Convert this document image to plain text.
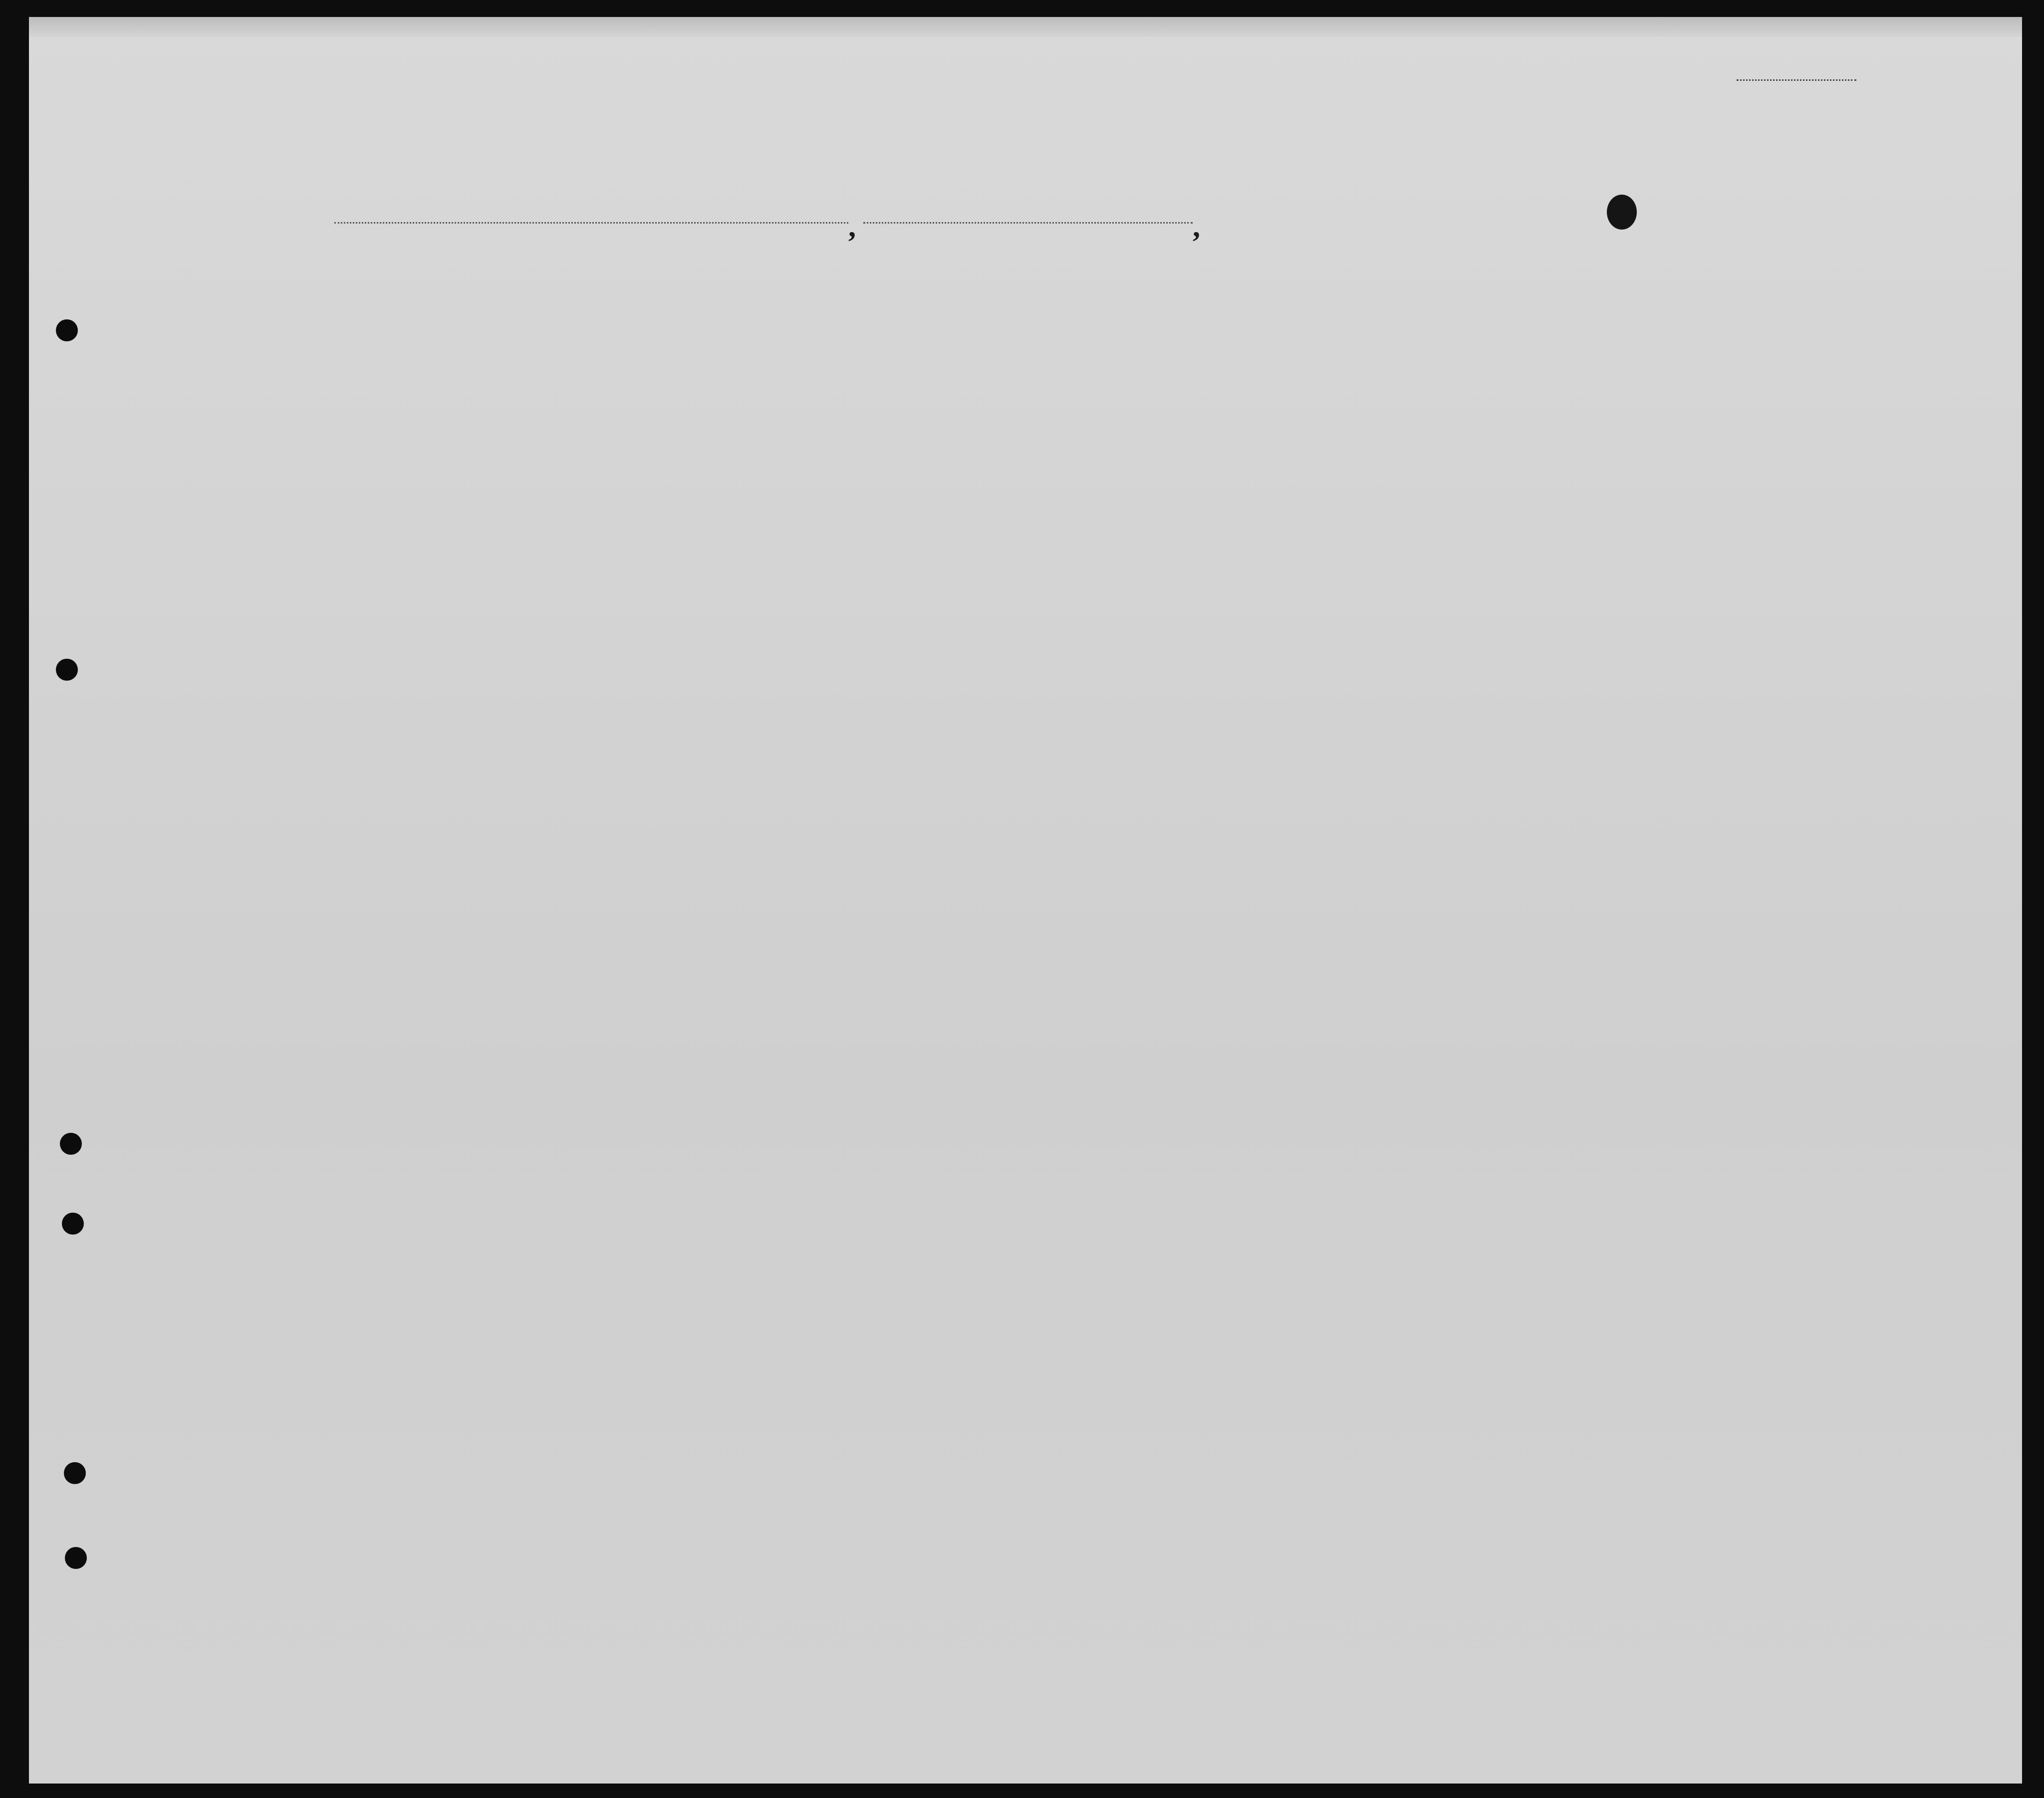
,	,
